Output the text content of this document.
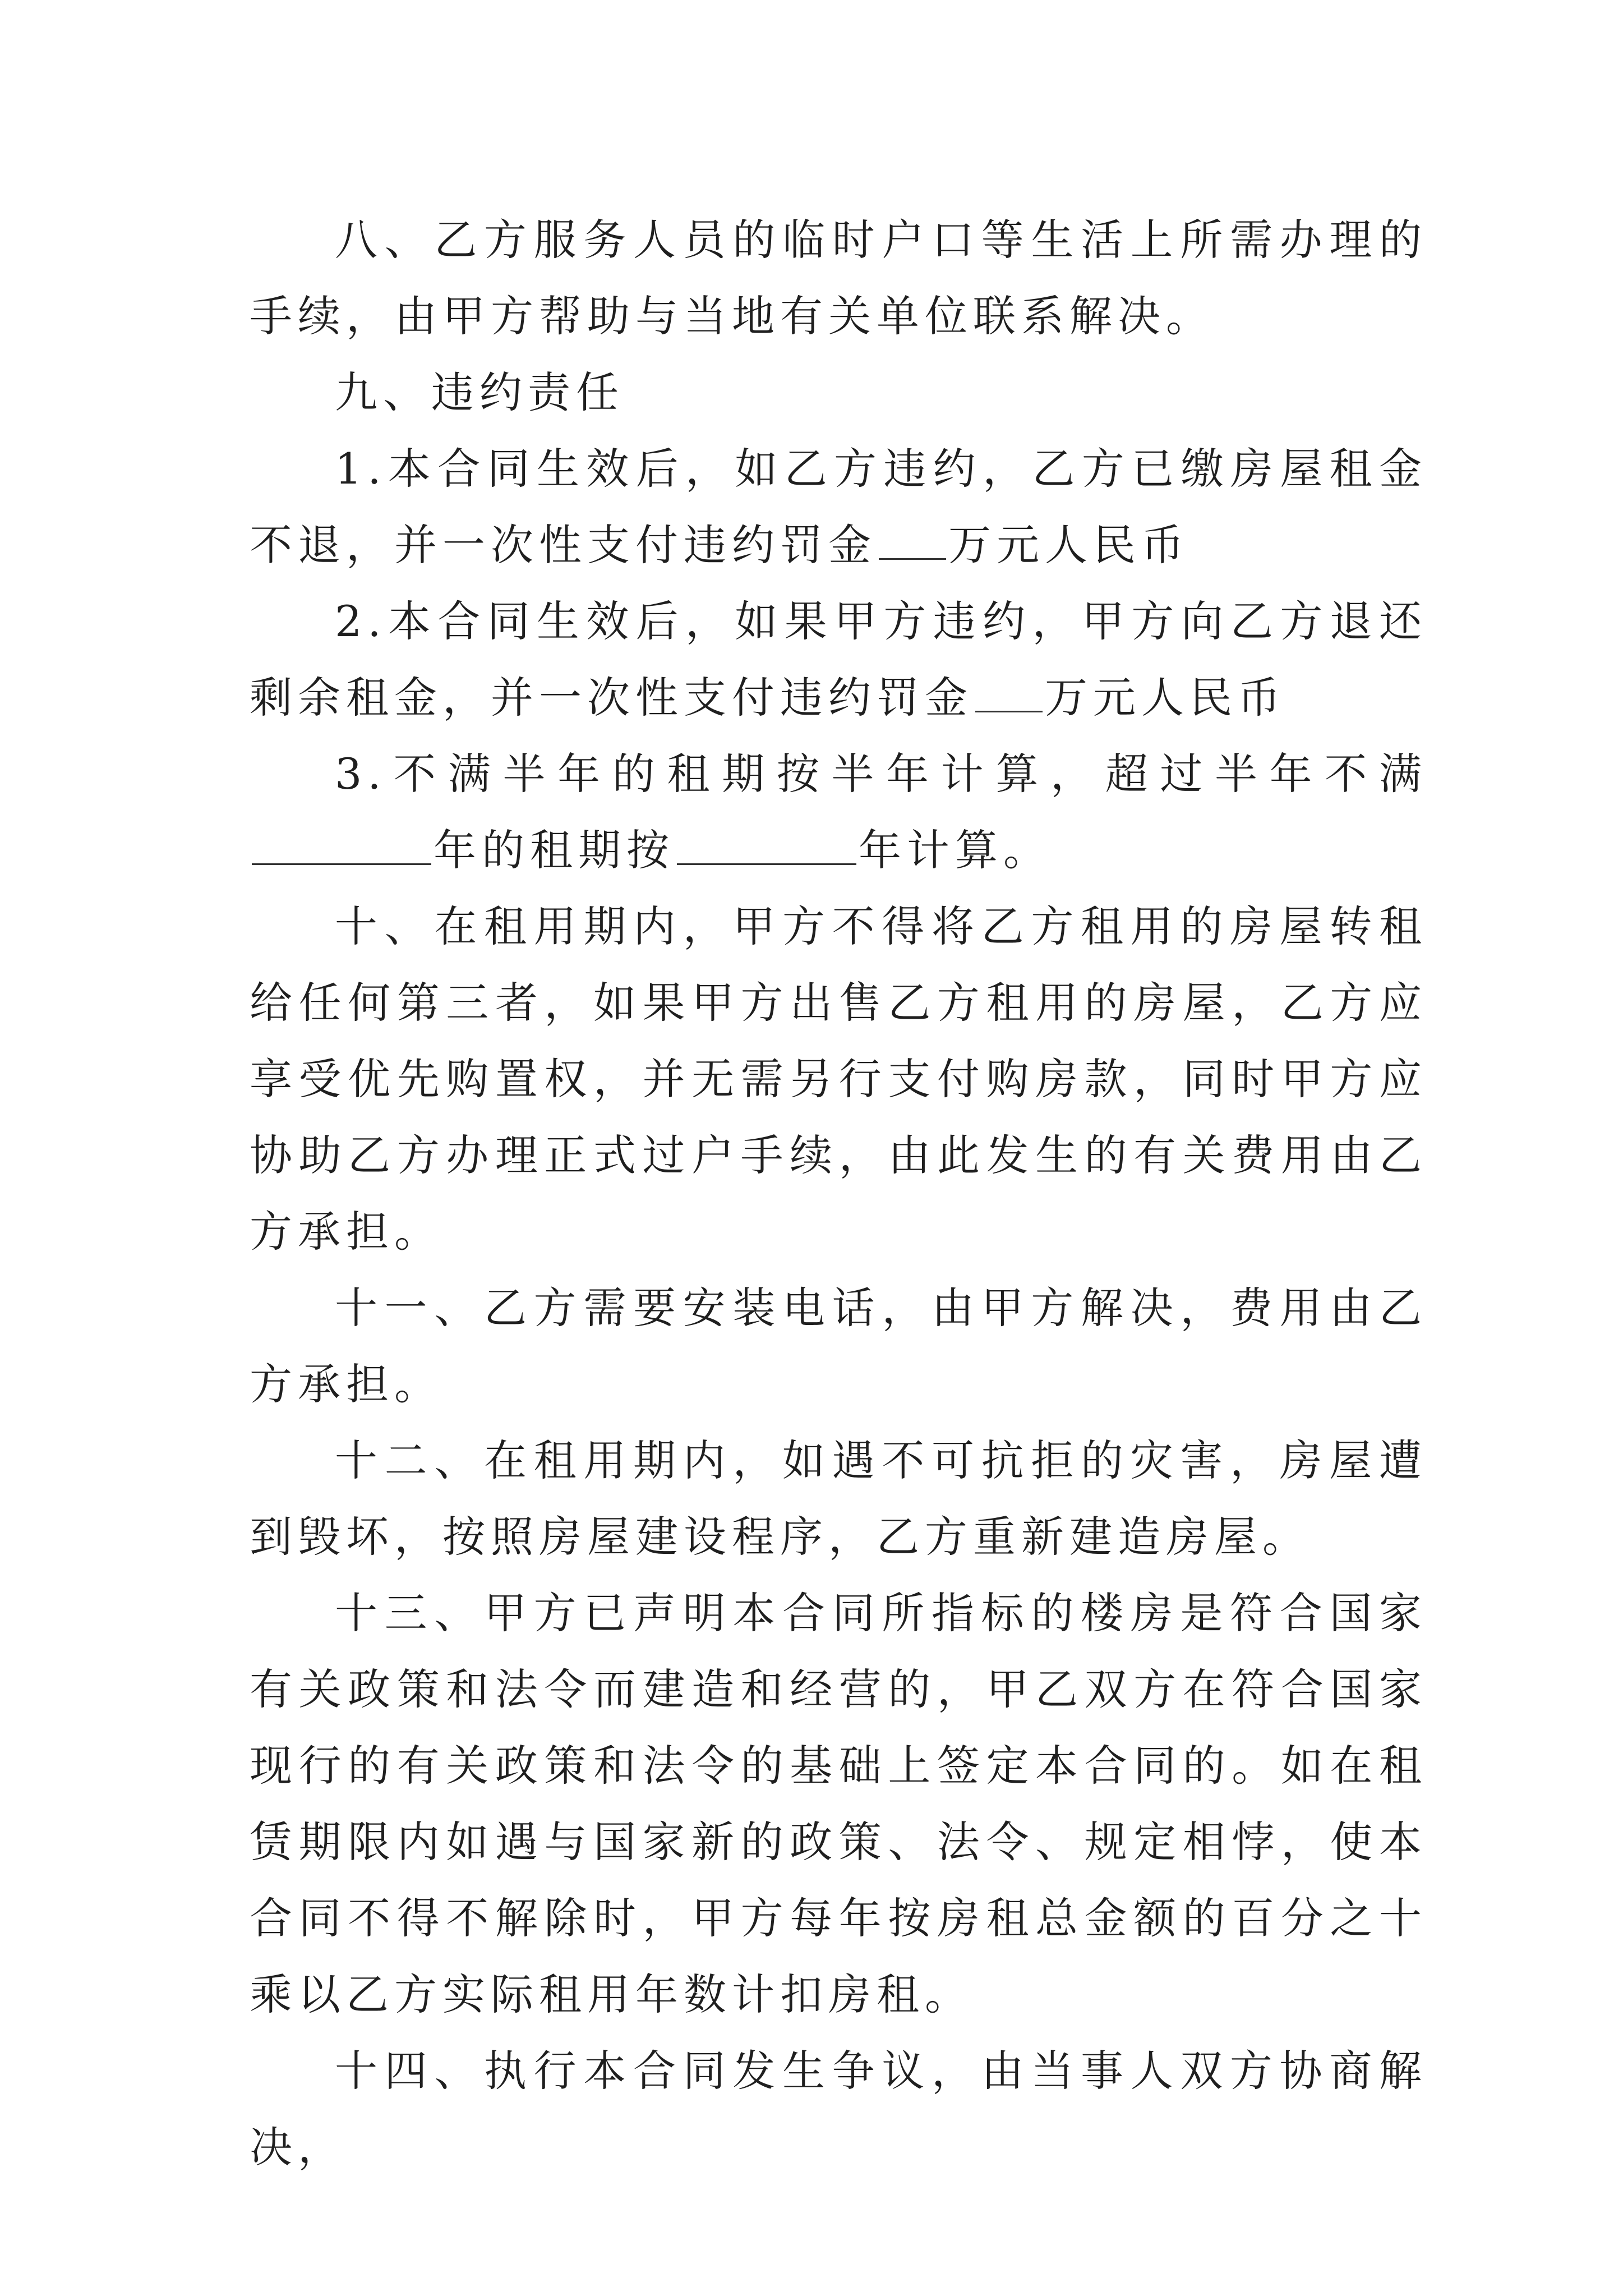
八、乙方服务人员的临时户口等生活上所需办理的手续，由甲方帮助与当地有关单位联系解决。

九、违约责任

1.本合同生效后，如乙方违约，乙方已缴房屋租金不退，并一次性支付违约罚金 万元人民币

2.本合同生效后，如果甲方违约，甲方向乙方退还剩余租金，并一次性支付违约罚金 万元人民币

3.不满半年的租期按半年计算，超过半年不满年的租期按	年计算。

十、在租用期内，甲方不得将乙方租用的房屋转租给任何第三者，如果甲方出售乙方租用的房屋，乙方应享受优先购置权，并无需另行支付购房款，同时甲方应协助乙方办理正式过户手续，由此发生的有关费用由乙方承担。

十一、乙方需要安装电话，由甲方解决，费用由乙方承担。

十二、在租用期内，如遇不可抗拒的灾害，房屋遭到毁坏，按照房屋建设程序，乙方重新建造房屋。

十三、甲方已声明本合同所指标的楼房是符合国家有关政策和法令而建造和经营的，甲乙双方在符合国家现行的有关政策和法令的基础上签定本合同的。如在租赁期限内如遇与国家新的政策、法令、规定相悖，使本合同不得不解除时，甲方每年按房租总金额的百分之十乘以乙方实际租用年数计扣房租。

十四、执行本合同发生争议，由当事人双方协商解决，
